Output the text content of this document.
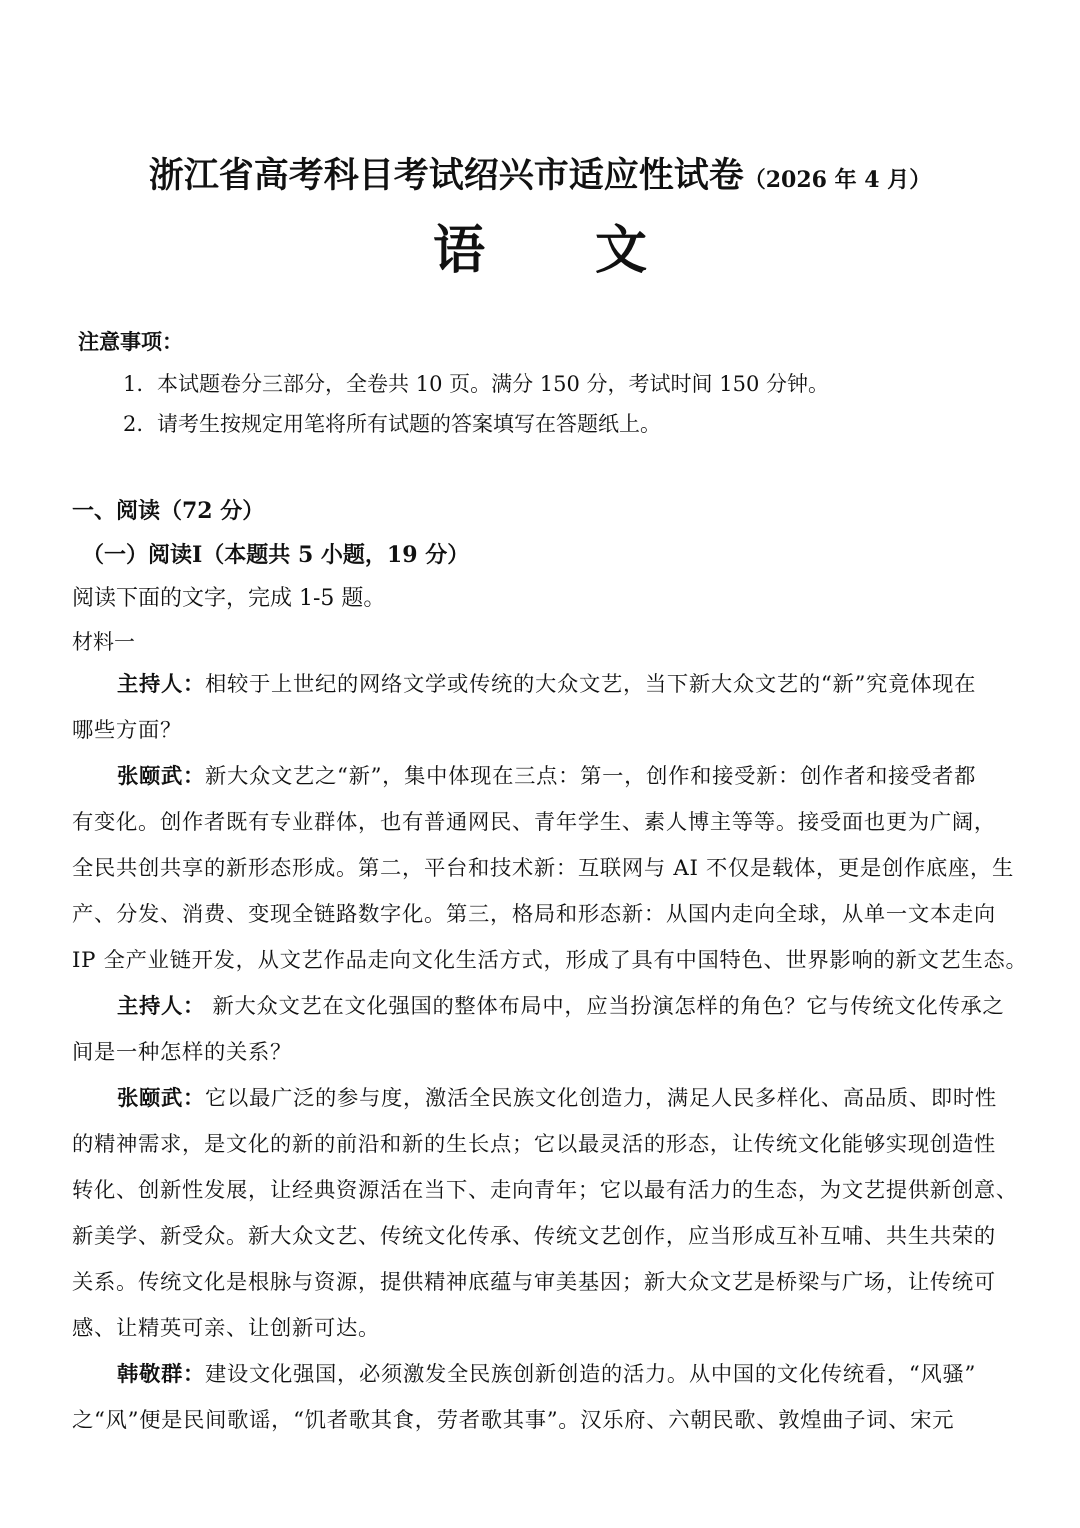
浙江省高考科目考试绍兴市适应性试卷（2026 年 4 月）
语 文
注意事项：
1. 本试题卷分三部分，全卷共 10 页。满分 150 分，考试时间 150 分钟。
2. 请考生按规定用笔将所有试题的答案填写在答题纸上。
一、阅读（72 分）
（一）阅读Ⅰ（本题共 5 小题，19 分）
阅读下面的文字，完成 1-5 题。
材料一
主持人：相较于上世纪的网络文学或传统的大众文艺，当下新大众文艺的“新”究竟体现在
哪些方面？
张颐武：新大众文艺之“新”，集中体现在三点：第一，创作和接受新：创作者和接受者都
有变化。创作者既有专业群体，也有普通网民、青年学生、素人博主等等。接受面也更为广阔，
全民共创共享的新形态形成。第二，平台和技术新：互联网与 AI 不仅是载体，更是创作底座，生
产、分发、消费、变现全链路数字化。第三，格局和形态新：从国内走向全球，从单一文本走向
IP 全产业链开发，从文艺作品走向文化生活方式，形成了具有中国特色、世界影响的新文艺生态。
主持人： 新大众文艺在文化强国的整体布局中，应当扮演怎样的角色？它与传统文化传承之
间是一种怎样的关系？
张颐武：它以最广泛的参与度，激活全民族文化创造力，满足人民多样化、高品质、即时性
的精神需求，是文化的新的前沿和新的生长点；它以最灵活的形态，让传统文化能够实现创造性
转化、创新性发展，让经典资源活在当下、走向青年；它以最有活力的生态，为文艺提供新创意、
新美学、新受众。新大众文艺、传统文化传承、传统文艺创作，应当形成互补互哺、共生共荣的
关系。传统文化是根脉与资源，提供精神底蕴与审美基因；新大众文艺是桥梁与广场，让传统可
感、让精英可亲、让创新可达。
韩敬群：建设文化强国，必须激发全民族创新创造的活力。从中国的文化传统看，“风骚”
之“风”便是民间歌谣，“饥者歌其食，劳者歌其事”。汉乐府、六朝民歌、敦煌曲子词、宋元
